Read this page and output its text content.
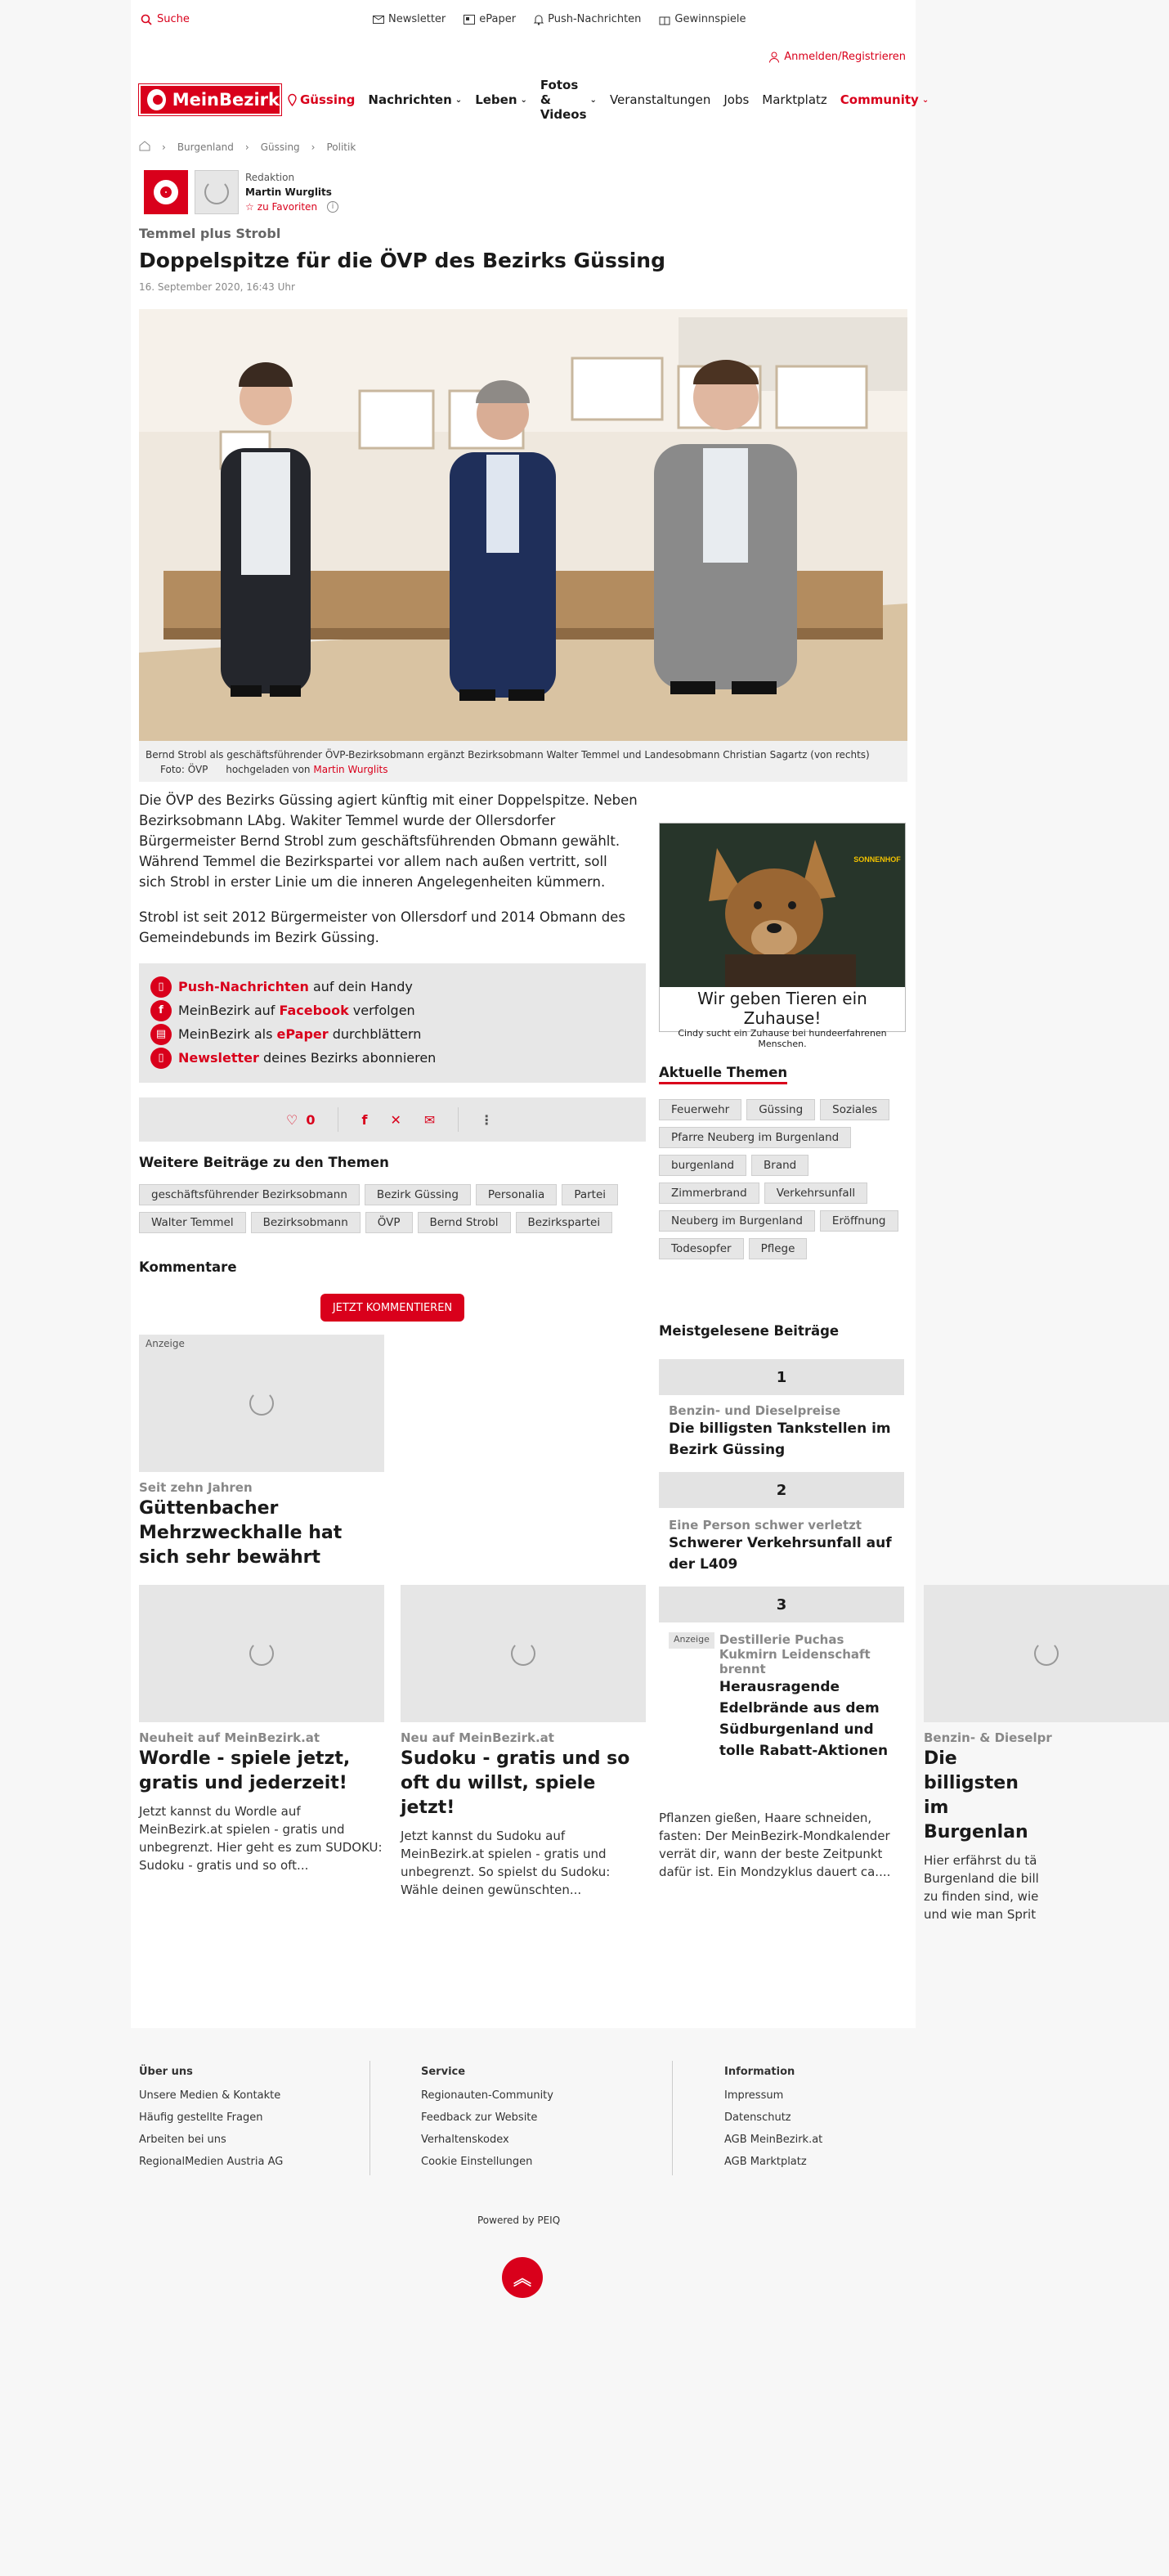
Suche	Newsletter	ePaper	Push-Nachrichten	Gewinnspiele
Anmelden/Registrieren
MeinBezirk Güssing Nachrichten ⌄ Leben ⌄
Fotos & Videos
⌄ Veranstaltungen Jobs Marktplatz Community ⌄
› Burgenland › Güssing › Politik
Redaktion
Martin Wurglits
☆ zu Favoriten	i
Temmel plus Strobl
Doppelspitze für die ÖVP des Bezirks Güssing
16. September 2020, 16:43 Uhr
Bernd Strobl als geschäftsführender ÖVP-Bezirksobmann ergänzt Bezirksobmann Walter Temmel und Landesobmann Christian Sagartz (von rechts) Foto: ÖVP hochgeladen von Martin Wurglits

Die ÖVP des Bezirks Güssing agiert künftig mit einer Doppelspitze. Neben Bezirksobmann LAbg. Wakiter Temmel wurde der Ollersdorfer Bürgermeister Bernd Strobl zum geschäftsführenden Obmann gewählt. Während Temmel die Bezirkspartei vor allem nach außen vertritt, soll sich Strobl in erster Linie um die inneren Angelegenheiten kümmern.

Strobl ist seit 2012 Bürgermeister von Ollersdorf und 2014 Obmann des Gemeindebunds im Bezirk Güssing.

▯	Push-Nachrichten auf dein Handy
f	MeinBezirk auf Facebook verfolgen
▤ MeinBezirk als ePaper durchblättern
▯	Newsletter deines Bezirks abonnieren
♡ 0	f ✕ ✉	⋮
Weitere Beiträge zu den Themen
geschäftsführender Bezirksobmann	Bezirk Güssing	Personalia	Partei
Walter Temmel	Bezirksobmann	ÖVP	Bernd Strobl	Bezirkspartei
Kommentare
JETZT KOMMENTIEREN
Anzeige
Seit zehn Jahren
Güttenbacher Mehrzweckhalle hat sich sehr bewährt
Neuheit auf MeinBezirk.at
Wordle - spiele jetzt, gratis und jederzeit!
Jetzt kannst du Wordle auf MeinBezirk.at spielen - gratis und unbegrenzt. Hier geht es zum SUDOKU: Sudoku - gratis und so oft...
Neu auf MeinBezirk.at
Sudoku - gratis und so oft du willst, spiele jetzt!
Jetzt kannst du Sudoku auf MeinBezirk.at spielen - gratis und unbegrenzt. So spielst du Sudoku: Wähle deinen gewünschten...
Pflanzen gießen, Haare schneiden, fasten: Der MeinBezirk-Mondkalender verrät dir, wann der beste Zeitpunkt dafür ist. Ein Mondzyklus dauert ca....
Benzin- & Dieselpr
Die billigsten im Burgenlan
Hier erfährst du tä Burgenland die bill zu finden sind, wie und wie man Sprit
SONNENHOF
Wir geben Tieren ein Zuhause!
Cindy sucht ein Zuhause bei hundeerfahrenen Menschen.
Aktuelle Themen
Feuerwehr	Güssing	Soziales
Pfarre Neuberg im Burgenland
burgenland	Brand
Zimmerbrand	Verkehrsunfall
Neuberg im Burgenland	Eröffnung
Todesopfer	Pflege
Meistgelesene Beiträge
1
Benzin- und Dieselpreise
Die billigsten Tankstellen im Bezirk Güssing
2
Eine Person schwer verletzt
Schwerer Verkehrsunfall auf der L409
3
Anzeige Destillerie Puchas Kukmirn Leidenschaft brennt
Herausragende Edelbrände aus dem Südburgenland und tolle Rabatt-Aktionen
Über uns
Unsere Medien & Kontakte
Häufig gestellte Fragen
Arbeiten bei uns
RegionalMedien Austria AG
Service
Regionauten-Community
Feedback zur Website
Verhaltenskodex
Cookie Einstellungen
Information
Impressum
Datenschutz
AGB MeinBezirk.at
AGB Marktplatz
Powered by PEIQ
︽
